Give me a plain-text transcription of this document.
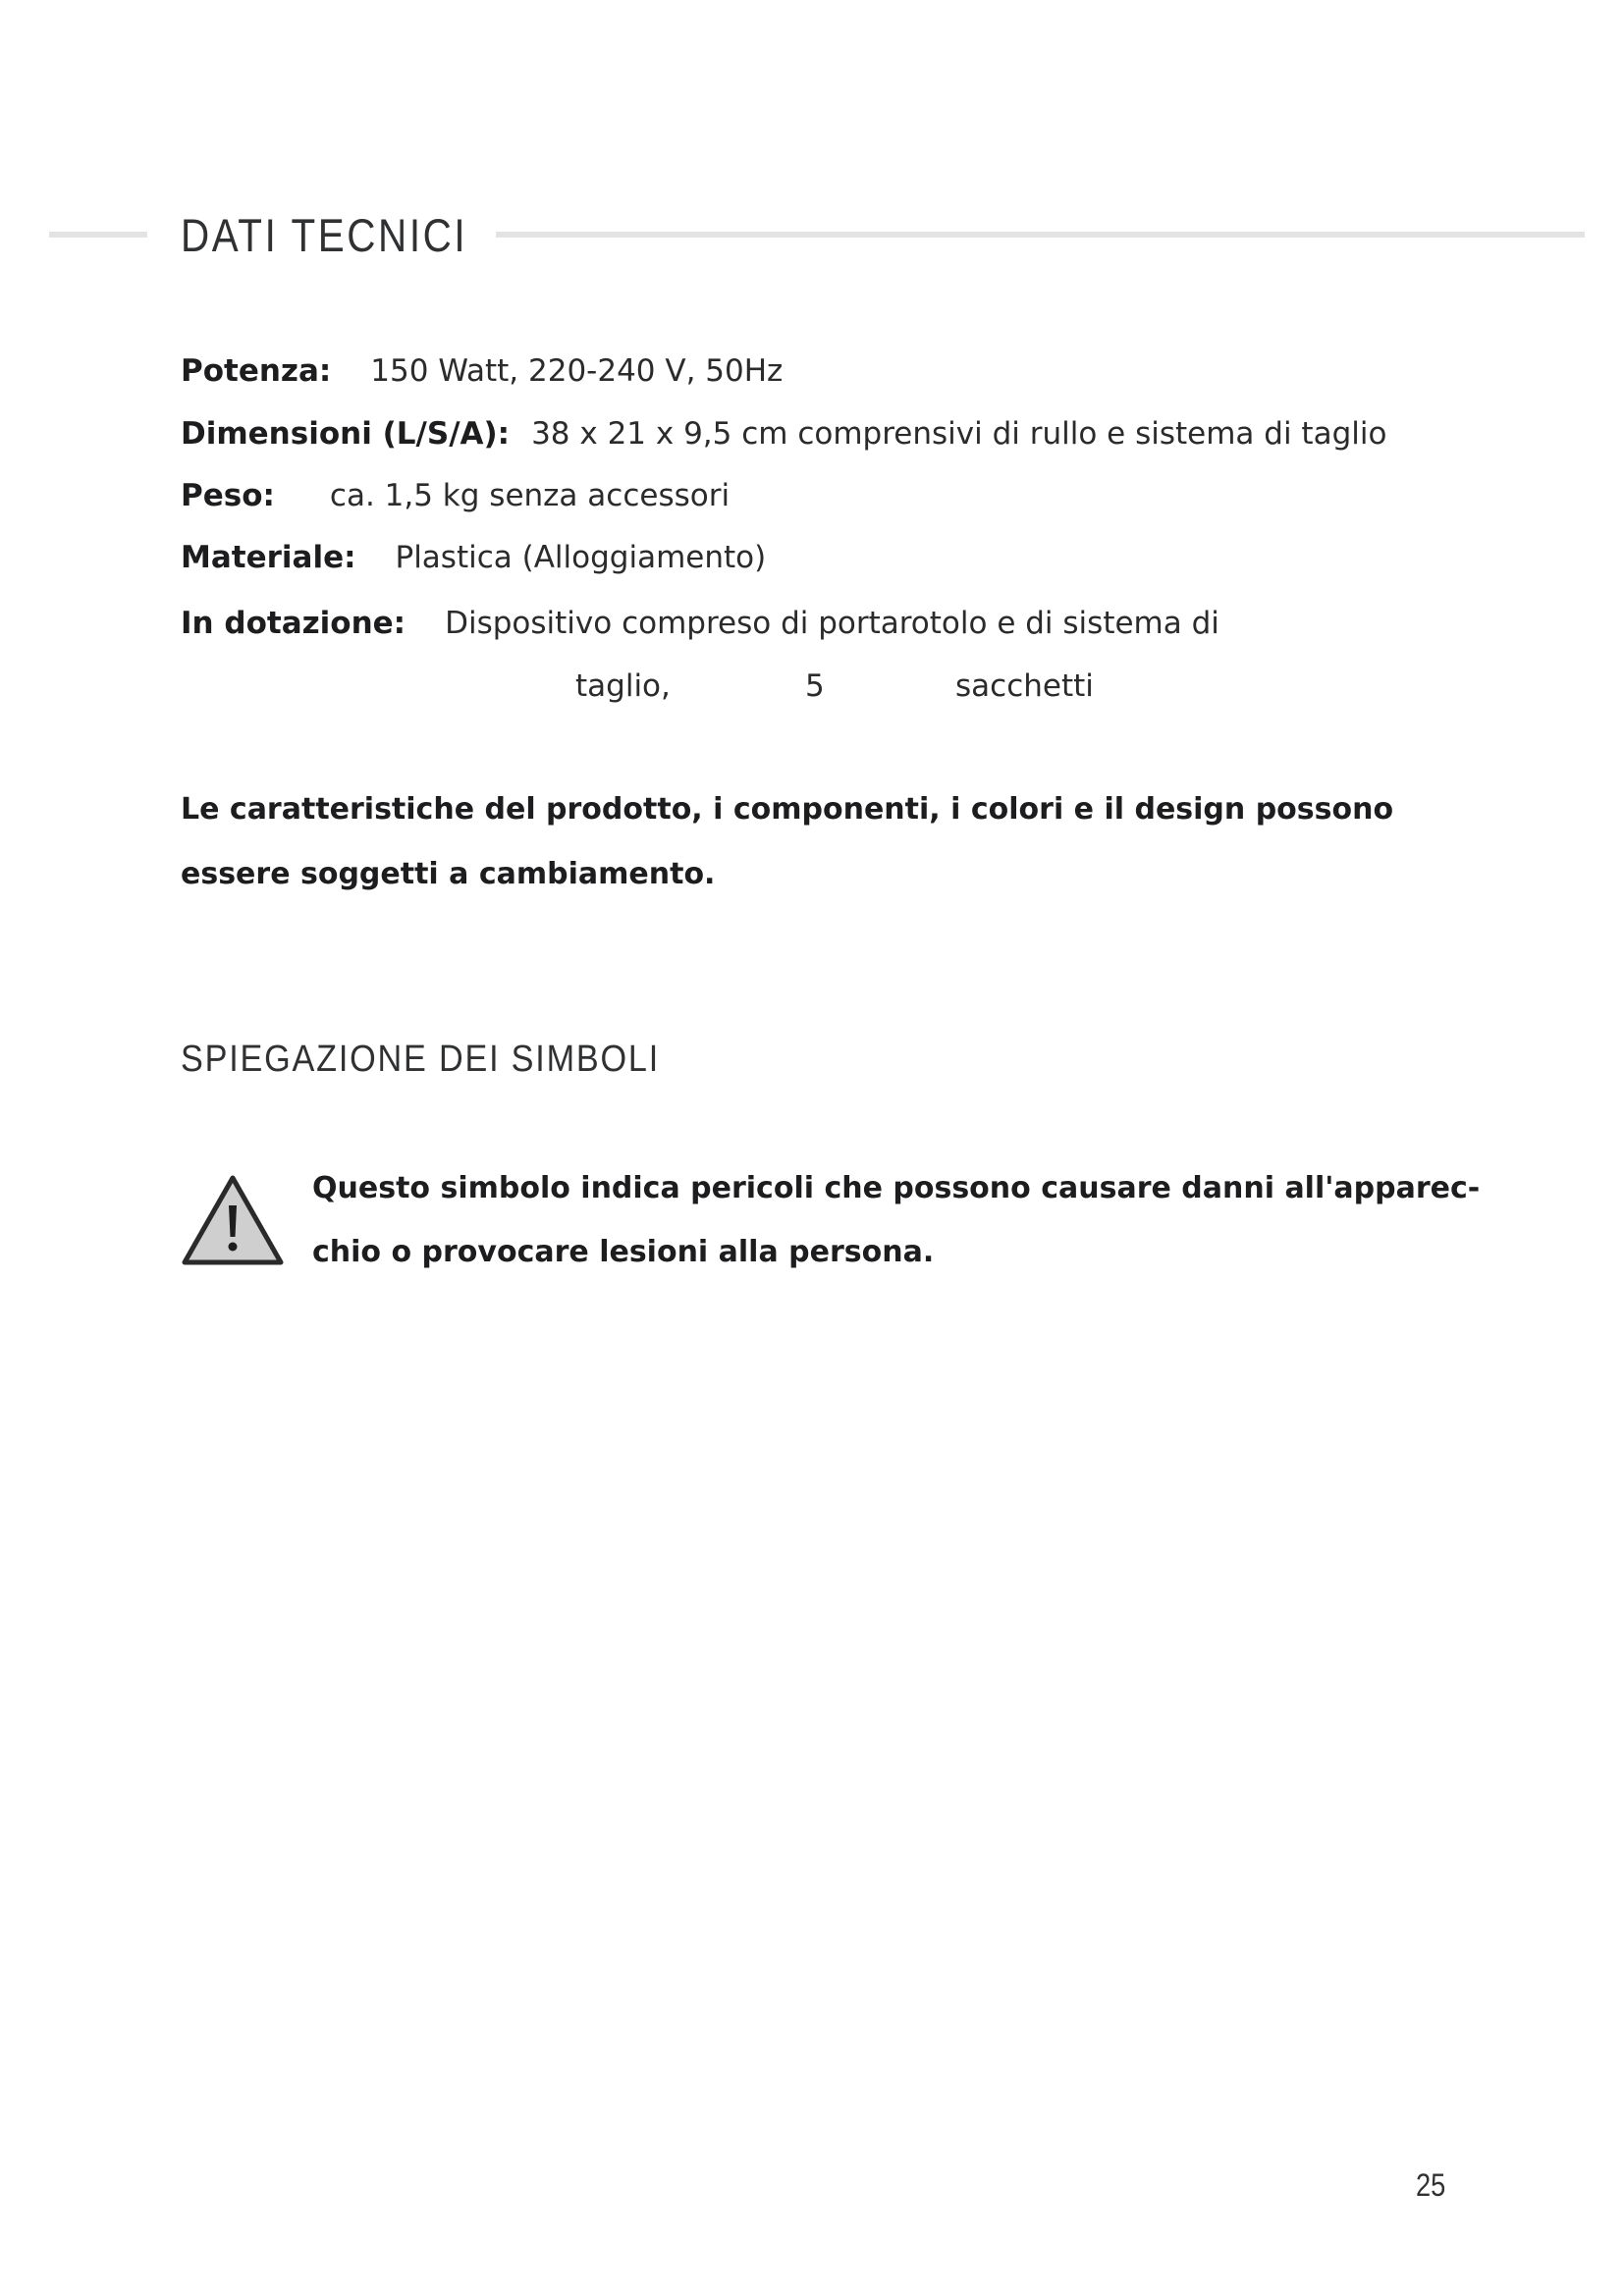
DATI TECNICI
Potenza: 150 Watt, 220-240 V, 50Hz
Dimensioni (L/S/A): 38 x 21 x 9,5 cm comprensivi di rullo e sistema di taglio
Peso: ca. 1,5 kg senza accessori
Materiale: Plastica (Alloggiamento)
In dotazione: Dispositivo compreso di portarotolo e di sistema di
taglio,	5	sacchetti
Le caratteristiche del prodotto, i componenti, i colori e il design possono
essere soggetti a cambiamento.
SPIEGAZIONE DEI SIMBOLI
Questo simbolo indica pericoli che possono causare danni all'apparec-
chio o provocare lesioni alla persona.
25
